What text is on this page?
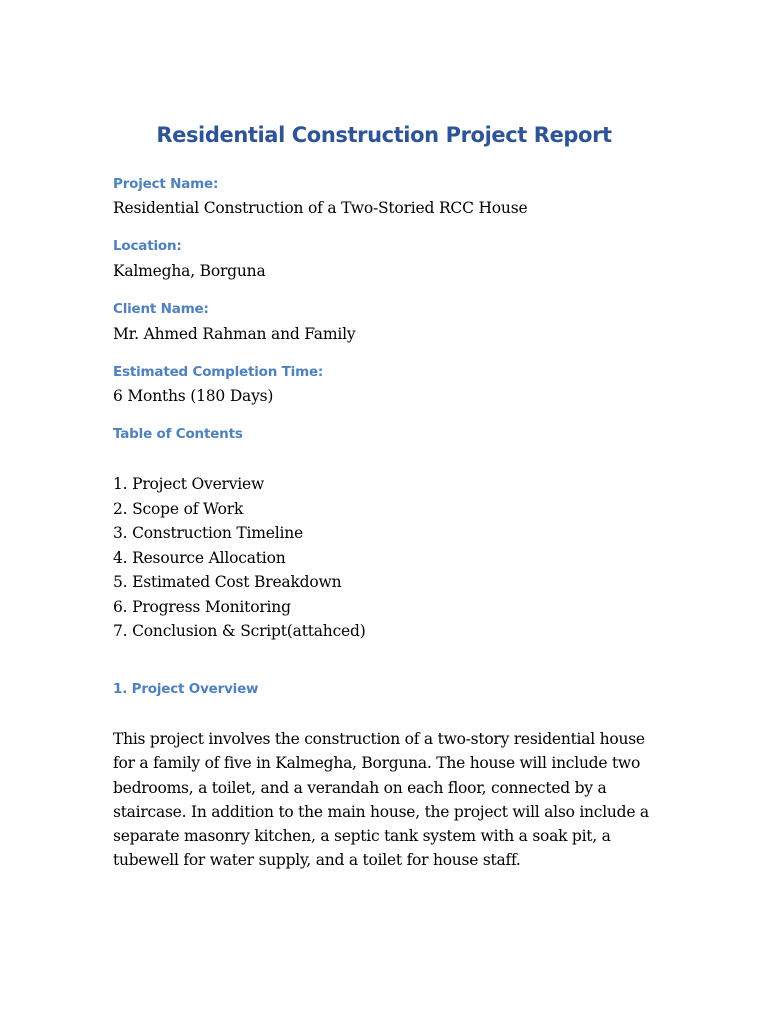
Residential Construction Project Report
Project Name:
Residential Construction of a Two-Storied RCC House
Location:
Kalmegha, Borguna
Client Name:
Mr. Ahmed Rahman and Family
Estimated Completion Time:
6 Months (180 Days)
Table of Contents
1. Project Overview
2. Scope of Work
3. Construction Timeline
4. Resource Allocation
5. Estimated Cost Breakdown
6. Progress Monitoring
7. Conclusion & Script(attahced)
1. Project Overview

This project involves the construction of a two-story residential house
for a family of five in Kalmegha, Borguna. The house will include two
bedrooms, a toilet, and a verandah on each floor, connected by a
staircase. In addition to the main house, the project will also include a
separate masonry kitchen, a septic tank system with a soak pit, a
tubewell for water supply, and a toilet for house staff.
